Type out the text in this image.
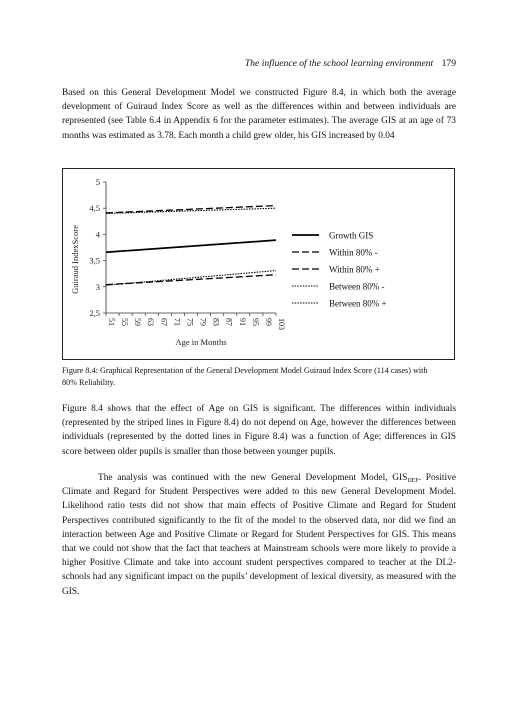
The influence of the school learning environment 179

Based on this General Development Model we constructed Figure 8.4, in which both the average development of Guiraud Index Score as well as the differences within and between individuals are represented (see Table 6.4 in Appendix 6 for the parameter estimates). The average GIS at an age of 73 months was estimated as 3.78. Each month a child grew older, his GIS increased by 0.04

2,5
3
3,5
4
4,5
5
51 55 59 63 67 71 75 79 83 87 91 95 99 103
Age in Months
Guiraud IndexScore	Growth GIS
Within 80% -
Within 80% +
Between 80% -
Between 80% +

Figure 8.4: Graphical Representation of the General Development Model Guiraud Index Score (114 cases) with 80% Reliability.

Figure 8.4 shows that the effect of Age on GIS is significant. The differences within individuals (represented by the striped lines in Figure 8.4) do not depend on Age, however the differences between individuals (represented by the dotted lines in Figure 8.4) was a function of Age; differences in GIS score between older pupils is smaller than those between younger pupils.

The analysis was continued with the new General Development Model, $GIS_{DEF}$. Positive Climate and Regard for Student Perspectives were added to this new General Development Model. Likelihood ratio tests did not show that main effects of Positive Climate and Regard for Student Perspectives contributed significantly to the fit of the model to the observed data, nor did we find an interaction between Age and Positive Climate or Regard for Student Perspectives for GIS. This means that we could not show that the fact that teachers at Mainstream schools were more likely to provide a higher Positive Climate and take into account student perspectives compared to teacher at the DL2-schools had any significant impact on the pupils’ development of lexical diversity, as measured with the GIS.
